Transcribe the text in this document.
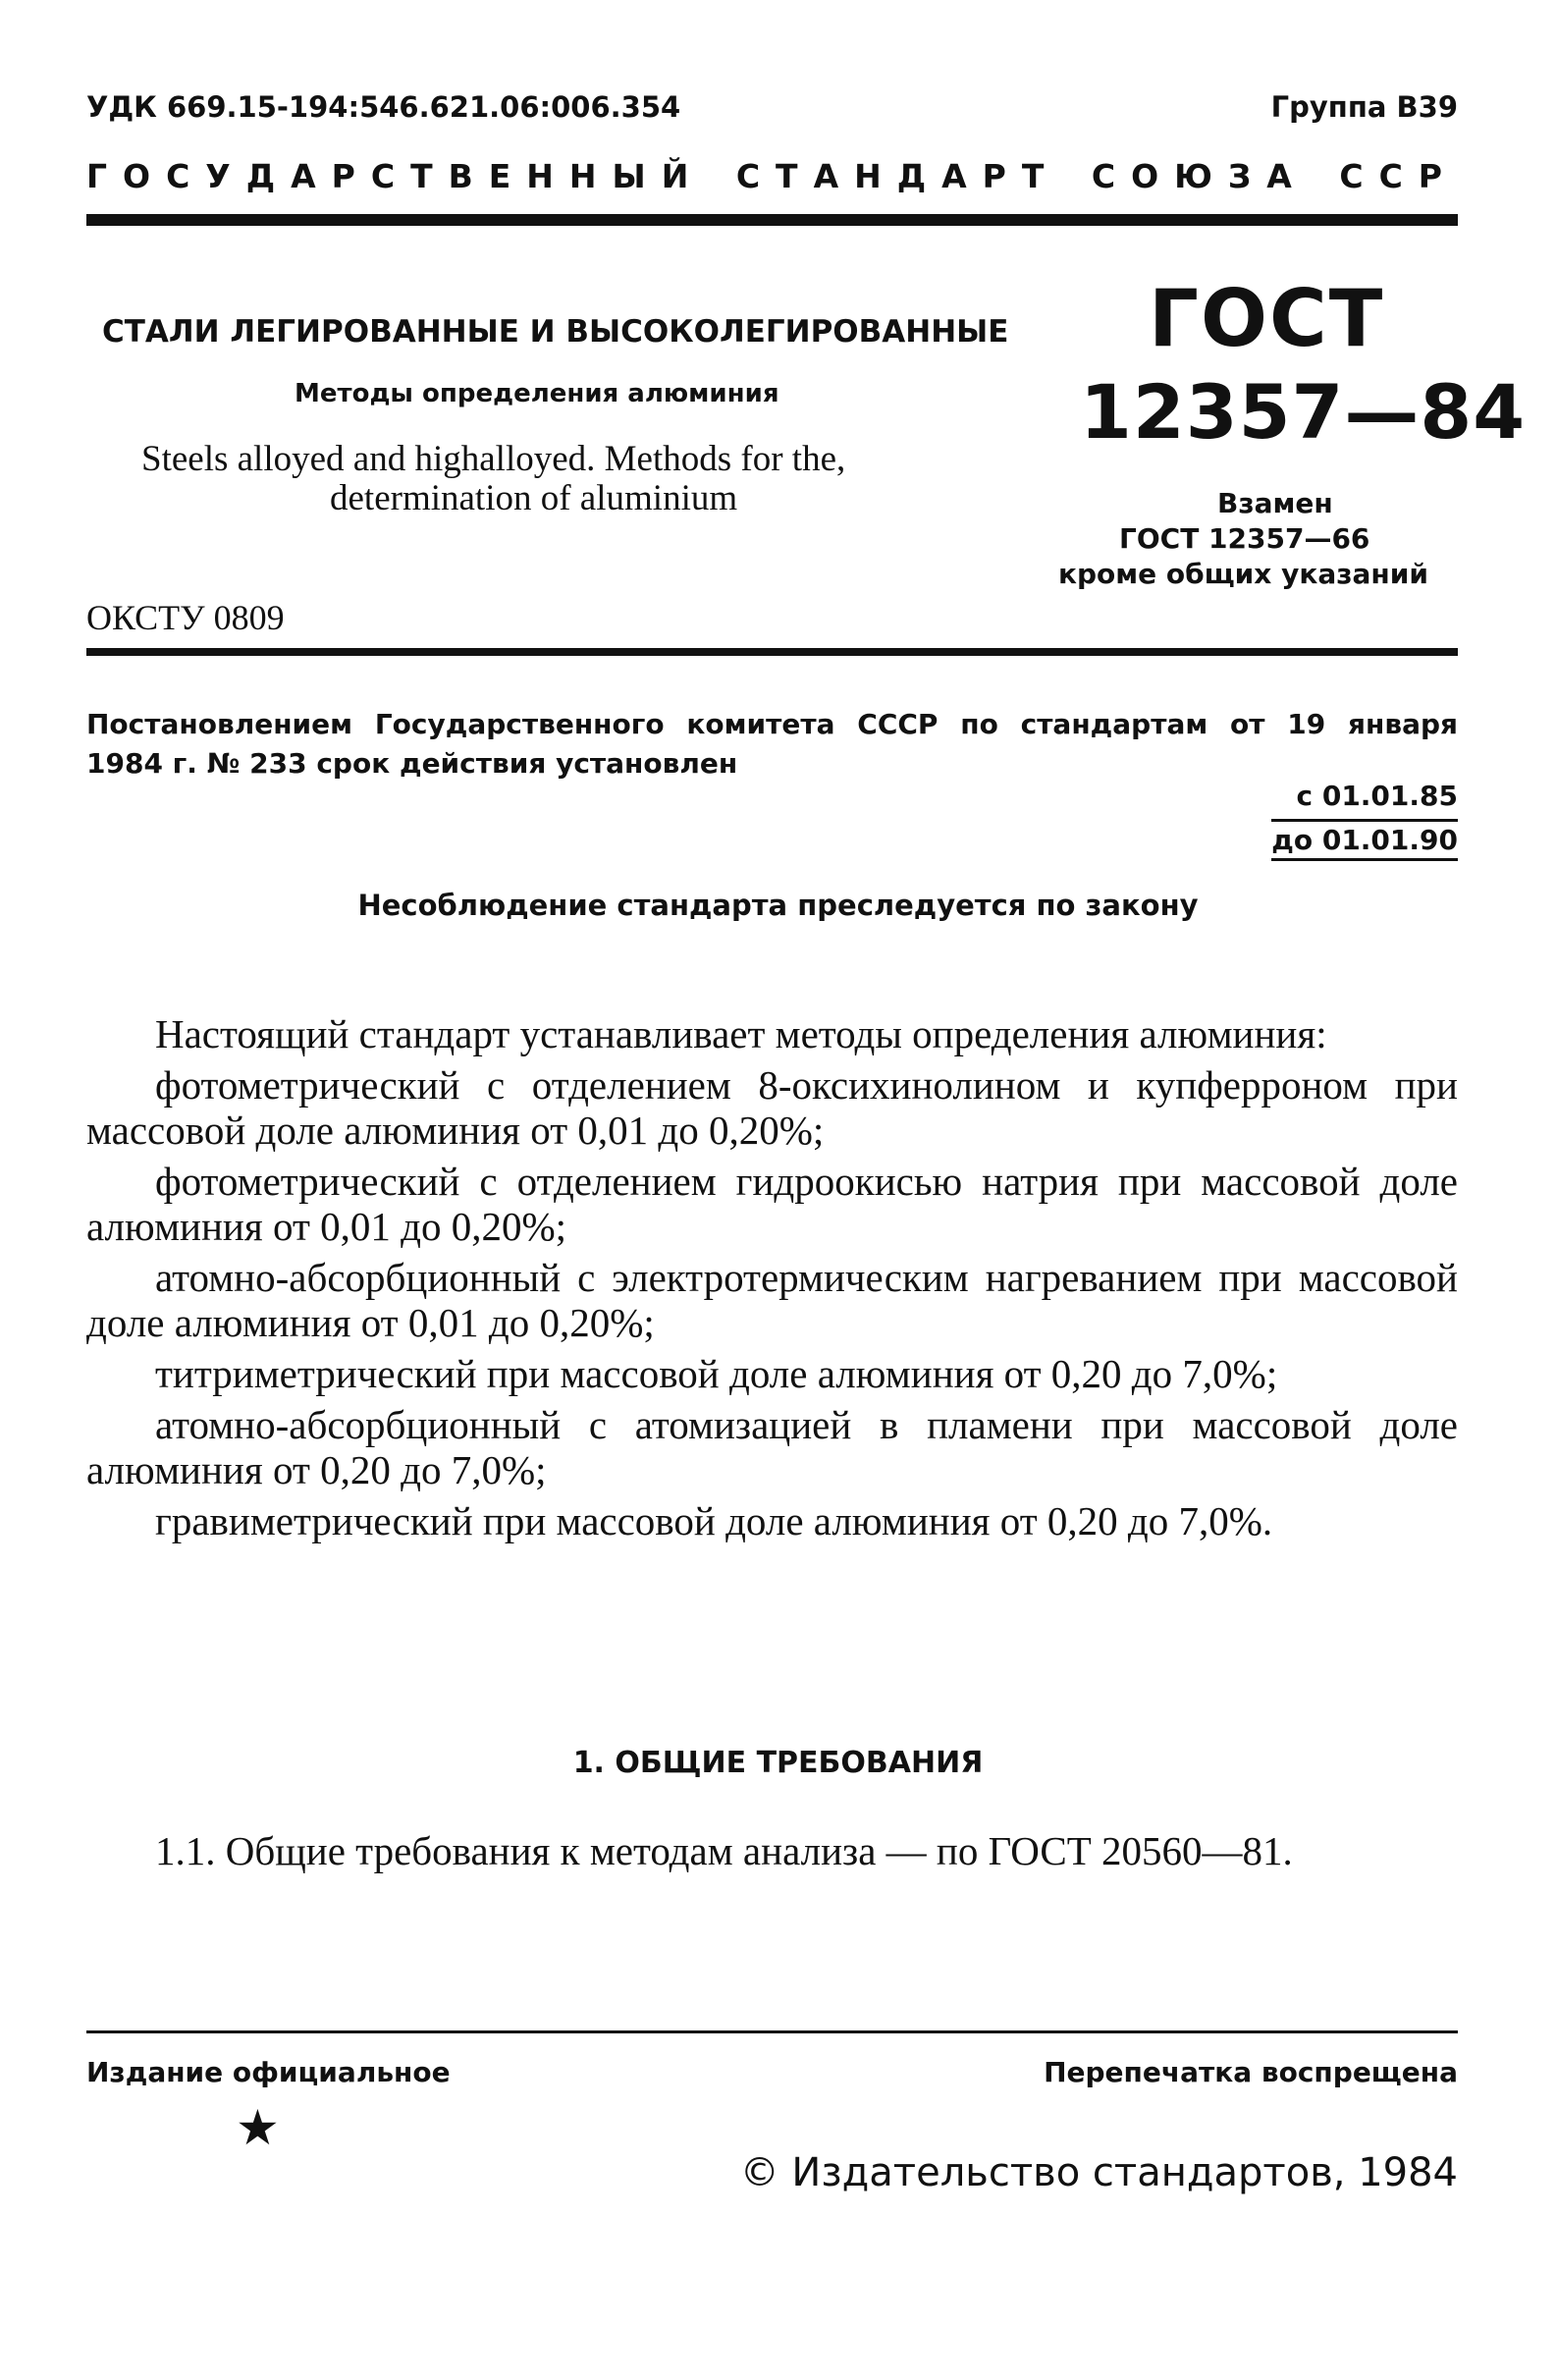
УДК 669.15-194:546.621.06:006.354	Группа В39
ГОСУДАРСТВЕННЫЙ СТАНДАРТ СОЮЗА ССР
СТАЛИ ЛЕГИРОВАННЫЕ И ВЫСОКОЛЕГИРОВАННЫЕ
Методы определения алюминия
Steels alloyed and highalloyed. Methods for the,
determination of aluminium
ГОСТ
12357—84
Взамен
ГОСТ 12357—66
кроме общих указаний
ОКСТУ 0809
Постановлением Государственного комитета СССР по стандартам от 19 января
1984 г. № 233 срок действия установлен
с 01.01.85
до 01.01.90
Несоблюдение стандарта преследуется по закону

Настоящий стандарт устанавливает методы определения алюминия:

фотометрический с отделением 8-оксихинолином и купферроном при массовой доле алюминия от 0,01 до 0,20%;

фотометрический с отделением гидроокисью натрия при массовой доле алюминия от 0,01 до 0,20%;

атомно-абсорбционный с электротермическим нагреванием при массовой доле алюминия от 0,01 до 0,20%;

титриметрический при массовой доле алюминия от 0,20 до 7,0%;

атомно-абсорбционный с атомизацией в пламени при массовой доле алюминия от 0,20 до 7,0%;

гравиметрический при массовой доле алюминия от 0,20 до 7,0%.

1. ОБЩИЕ ТРЕБОВАНИЯ

1.1. Общие требования к методам анализа — по ГОСТ 20560—81.

Издание официальное	Перепечатка воспрещена
★
© Издательство стандартов, 1984
